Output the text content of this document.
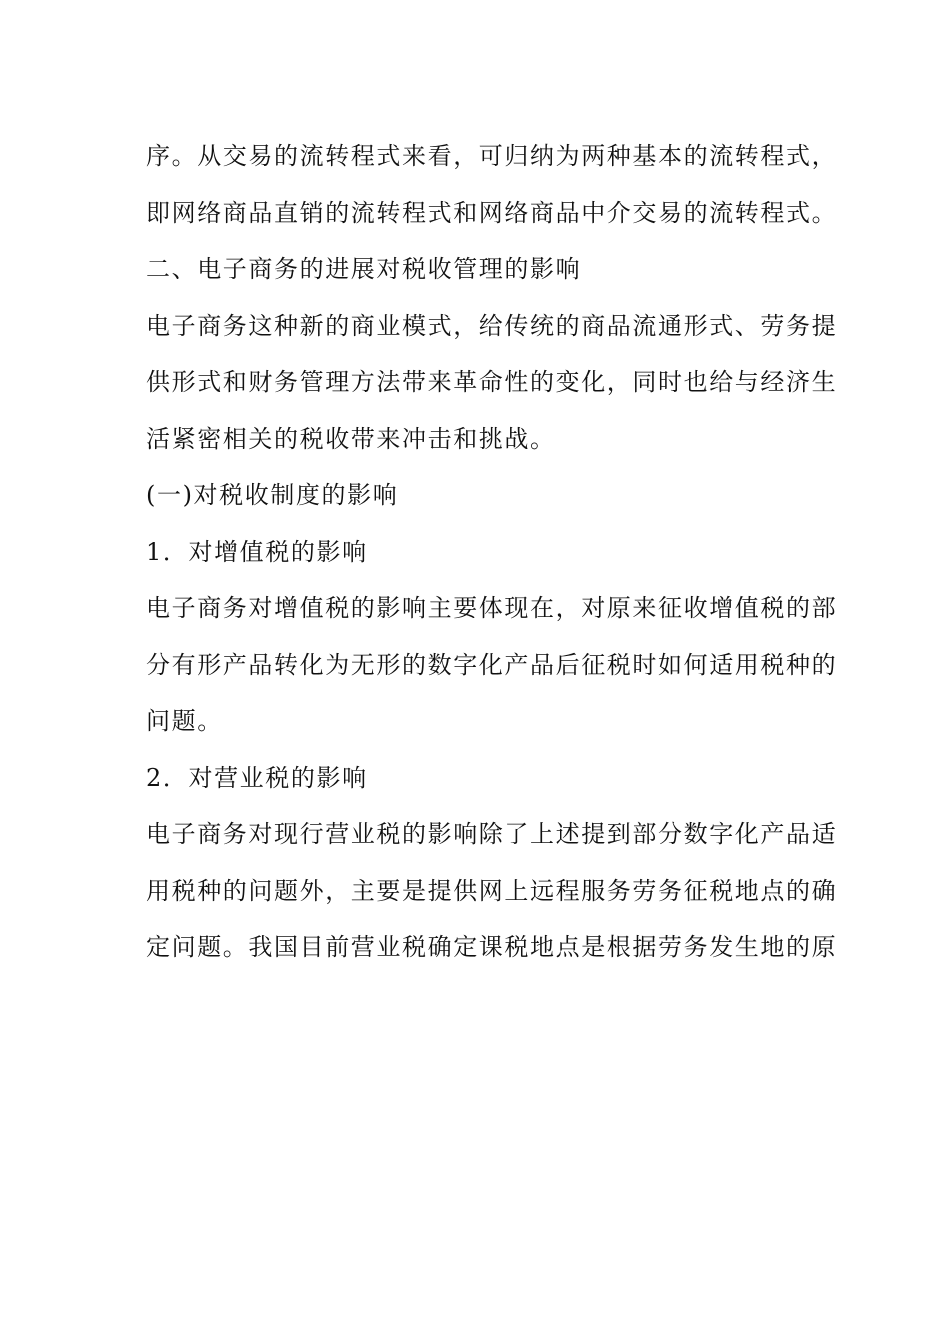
序。从交易的流转程式来看，可归纳为两种基本的流转程式，
即网络商品直销的流转程式和网络商品中介交易的流转程式。
二、电子商务的进展对税收管理的影响
电子商务这种新的商业模式，给传统的商品流通形式、劳务提
供形式和财务管理方法带来革命性的变化，同时也给与经济生
活紧密相关的税收带来冲击和挑战。
(一)对税收制度的影响
1．对增值税的影响
电子商务对增值税的影响主要体现在，对原来征收增值税的部
分有形产品转化为无形的数字化产品后征税时如何适用税种的
问题。
2．对营业税的影响
电子商务对现行营业税的影响除了上述提到部分数字化产品适
用税种的问题外，主要是提供网上远程服务劳务征税地点的确
定问题。我国目前营业税确定课税地点是根据劳务发生地的原
